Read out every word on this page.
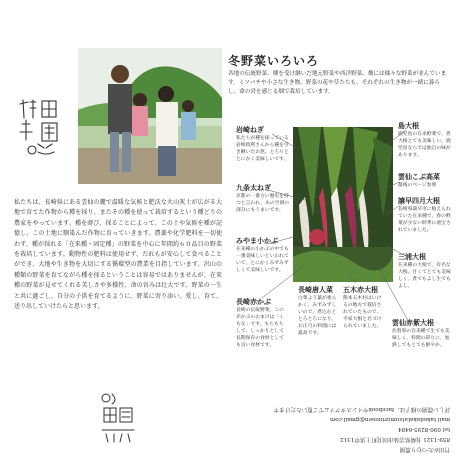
冬野菜いろいろ
各地の伝統野菜、種を受け継いだ地元野菜や西洋野菜、畑には様々な野菜が並んでいます。ミツバチや小さな生き物、野菜の花や草たちも、それぞれの生き物が一緒に暮らし、命の営を感じる畑で栽培しています。
私たちは、長崎県にある雲仙の麓で温暖な気候と肥沃な火山灰土が広がる大地で育てた作物から種を採り、またその種を使って栽培するという種どりの農家をやっています。種を蒔び、採ることによって、この土や気候を種が記憶し、この土地に馴染んだ作物に育っていきます。農薬や化学肥料を一切使わず、種が採れる「在来種・固定種」の野菜を中心に年間約６０品目の野菜を栽培しています。動物性の肥料は使用せず、だれもが安心して食べることができ、大地や生き物を大切にする循環型の農業を目指しています。沢山の種類の野菜を育てながら種を採るということは容易ではありませんが、在来種の野菜が見せてくれる美しさや多様性、命の営みは壮大です。野菜の一生と共に過ごし、自分の子供を育てるように、野菜に寄り添い、愛し、育て、送り出していけたらと思います。
岩崎ねぎ
私たちが種を採っている岩崎政利さんから種を引き継いだお葱。とろりととにかく美味しいです。
九条太ねぎ
京都の一番古い歴史を持つと言われ、あの空洞の部分にもうまいです。
みやま小かぶ
在来種の小かぶの中でも一番美味しいといわれていて、とにかくみずみずしくて美味しいです。
長崎赤かぶ
長崎の伝統野菜。この赤かぶのおまけは「くもな」です。もちもちして、しっかりとして長期保存の食材としても良い食材です。
長崎唐人菜
白菜よう葉が柔らかく、みずみずしいので、煮込むととろとろになり、お正月の料理には最高です。
五木赤大根
熊本五木村はいけるの地方で栽培されていたもので、平家大根と名づけられていました。
島大根
鹿児島の在来野菜で、煮大根とても美味しい。鹿児島ならでは独自の味があります。
雲仙こぶ高菜
最後のページ参照
譲早四月大根
長崎県譲早市に植えられていた在来種で、春の野菜が少ない時季に重宝されていました。
三浦大根
在来種の大根で、有名な大根。甘くてとても美味しく、煮てもよし生でもよし。
雲仙赤紫大根
佐賀県の在来種で生でも美味しく、料理の彩りに、加熱してもとても鮮やか。
竹田かたつむり農園
859-1321 長崎県雲仙市国見町土黒甲1312
tel 090-8295-6484
mail takedakatatsumurinouen@gmail.com
詳しい農園の様子は、facebookやインスタグラムでご覧いただけます
